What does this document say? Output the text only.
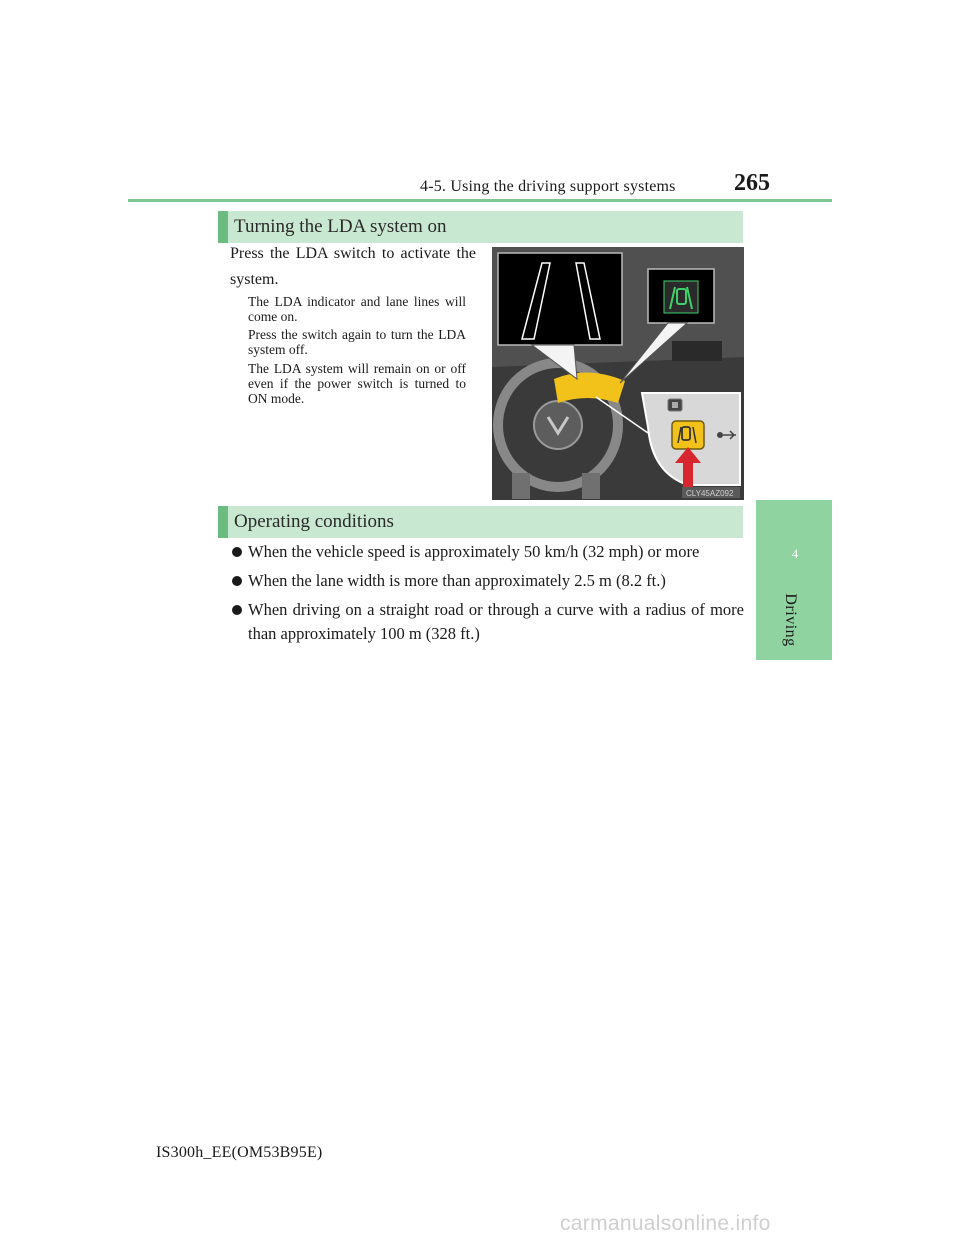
4-5. Using the driving support systems 265
4
Driving
Turning the LDA system on
Press the LDA switch to activate the system.
The LDA indicator and lane lines will come on.
Press the switch again to turn the LDA system off.
The LDA system will remain on or off even if the power switch is turned to ON mode.
CLY45AZ092
Operating conditions
When the vehicle speed is approximately 50 km/h (32 mph) or more
When the lane width is more than approximately 2.5 m (8.2 ft.)
When driving on a straight road or through a curve with a radius of more than approximately 100 m (328 ft.)
IS300h_EE(OM53B95E)
carmanualsonline.info
